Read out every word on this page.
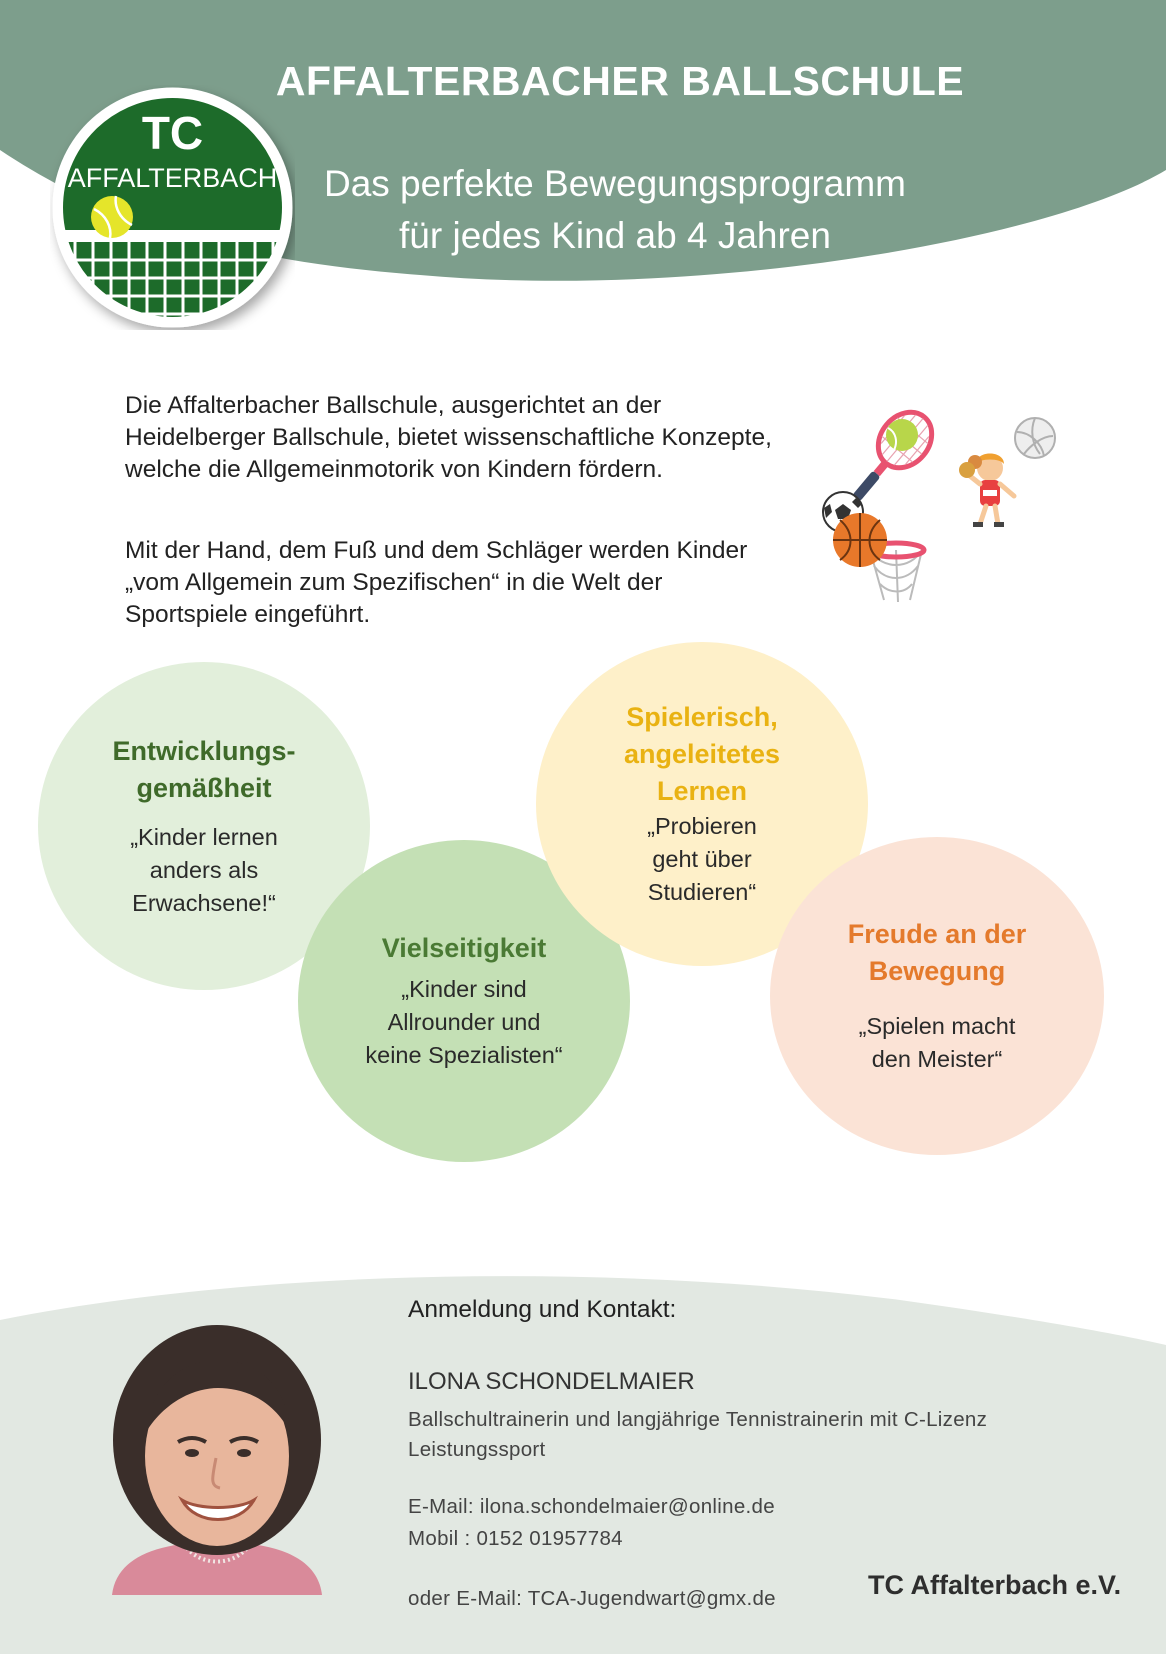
AFFALTERBACHER BALLSCHULE
Das perfekte Bewegungsprogramm
für jedes Kind ab 4 Jahren
TC
AFFALTERBACH

Die Affalterbacher Ballschule, ausgerichtet an der Heidelberger Ballschule, bietet wissenschaftliche Konzepte, welche die Allgemeinmotorik von Kindern fördern.

Mit der Hand, dem Fuß und dem Schläger werden Kinder „vom Allgemein zum Spezifischen“ in die Welt der Sportspiele eingeführt.

Entwicklungs-gemäßheit
„Kinder lernen anders als Erwachsene!“
Vielseitigkeit
„Kinder sind Allrounder und keine Spezialisten“
Spielerisch, angeleitetes Lernen
„Probieren geht über Studieren“
Freude an der Bewegung
„Spielen macht den Meister“
Anmeldung und Kontakt:
ILONA SCHONDELMAIER
Ballschultrainerin und langjährige Tennistrainerin mit C-Lizenz
Leistungssport
E-Mail: ilona.schondelmaier@online.de
Mobil : 0152 01957784
oder E-Mail: TCA-Jugendwart@gmx.de	TC Affalterbach e.V.
